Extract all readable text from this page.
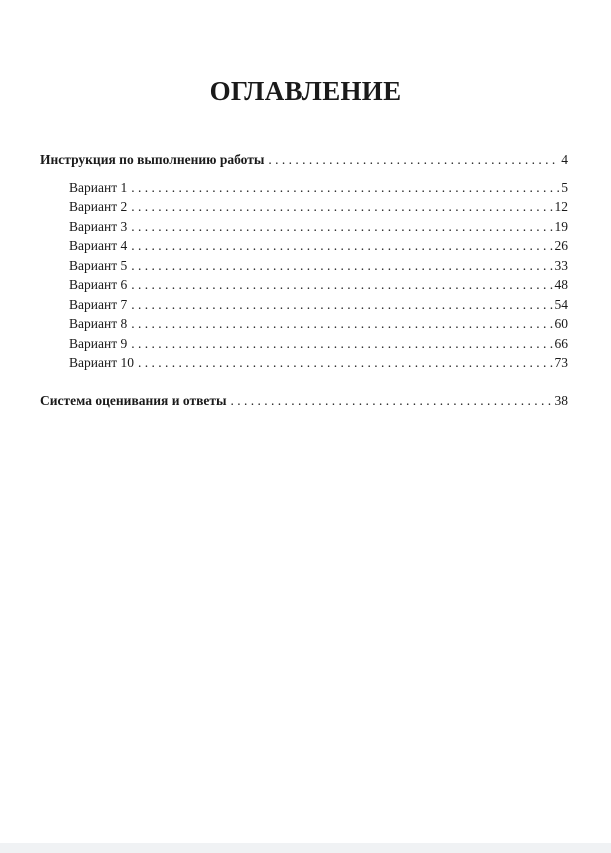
ОГЛАВЛЕНИЕ
Инструкция по выполнению работы . . .	4
Вариант 1 . . .	5
Вариант 2 . . .	12
Вариант 3 . . .	19
Вариант 4 . . .	26
Вариант 5 . . .	33
Вариант 6 . . .	48
Вариант 7 . . .	54
Вариант 8 . . .	60
Вариант 9 . . .	66
Вариант 10 . . .	73
Система оценивания и ответы . . .	38
